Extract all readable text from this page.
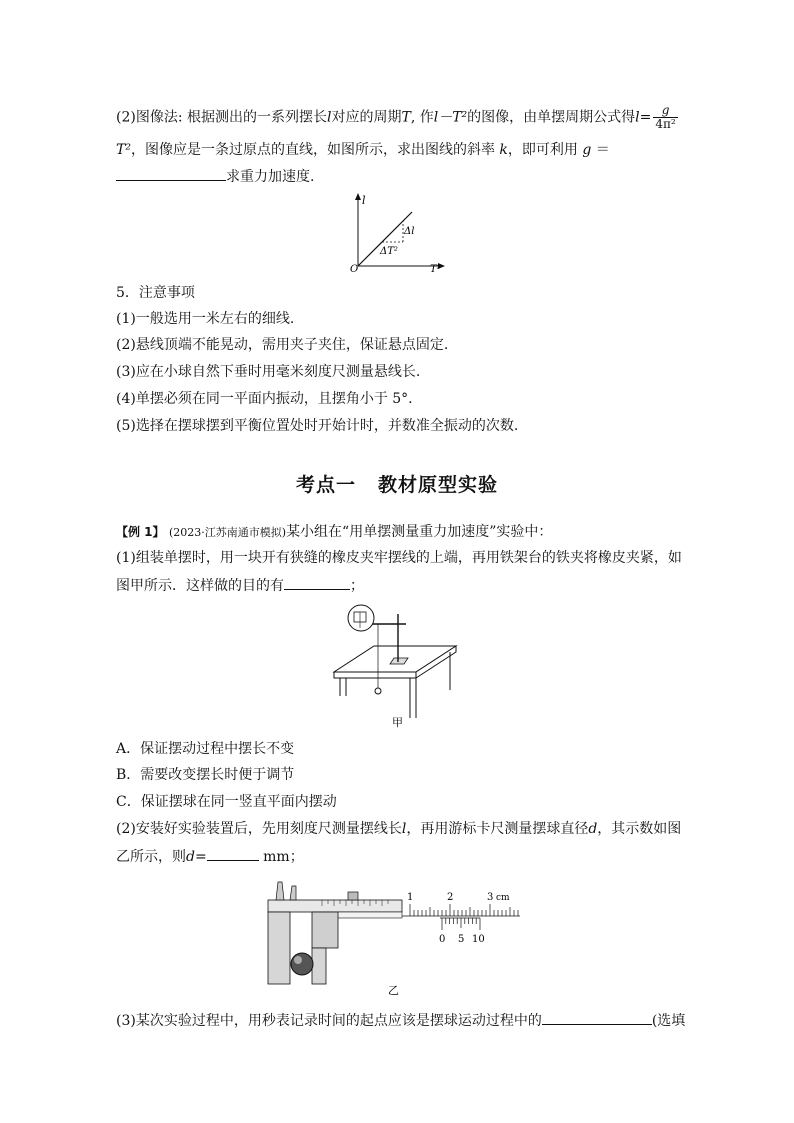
(2)图像法: 根据测出的一系列摆长l对应的周期T, 作l－T²的图像，由单摆周期公式得$l= \frac{g}{\text{4π²}}$
T²，图像应是一条过原点的直线，如图所示，求出图线的斜率 k，即可利用 g ＝
求重力加速度.
l
T²
O
Δl
ΔT²
5．注意事项
(1)一般选用一米左右的细线.
(2)悬线顶端不能晃动，需用夹子夹住，保证悬点固定.
(3)应在小球自然下垂时用毫米刻度尺测量悬线长.
(4)单摆必须在同一平面内振动，且摆角小于 5°.
(5)选择在摆球摆到平衡位置处时开始计时，并数准全振动的次数.
考点一 教材原型实验
【例 1】 (2023·江苏南通市模拟)某小组在“用单摆测量重力加速度”实验中：
(1)组装单摆时，用一块开有狭缝的橡皮夹牢摆线的上端，再用铁架台的铁夹将橡皮夹紧，如
图甲所示．这样做的目的有	；
甲
A．保证摆动过程中摆长不变
B．需要改变摆长时便于调节
C．保证摆球在同一竖直平面内摆动
(2)安装好实验装置后，先用刻度尺测量摆线长l，再用游标卡尺测量摆球直径d，其示数如图
乙所示，则d=	mm；
1	2	3 cm
0 5 10
乙
(3)某次实验过程中，用秒表记录时间的起点应该是摆球运动过程中的	(选填
